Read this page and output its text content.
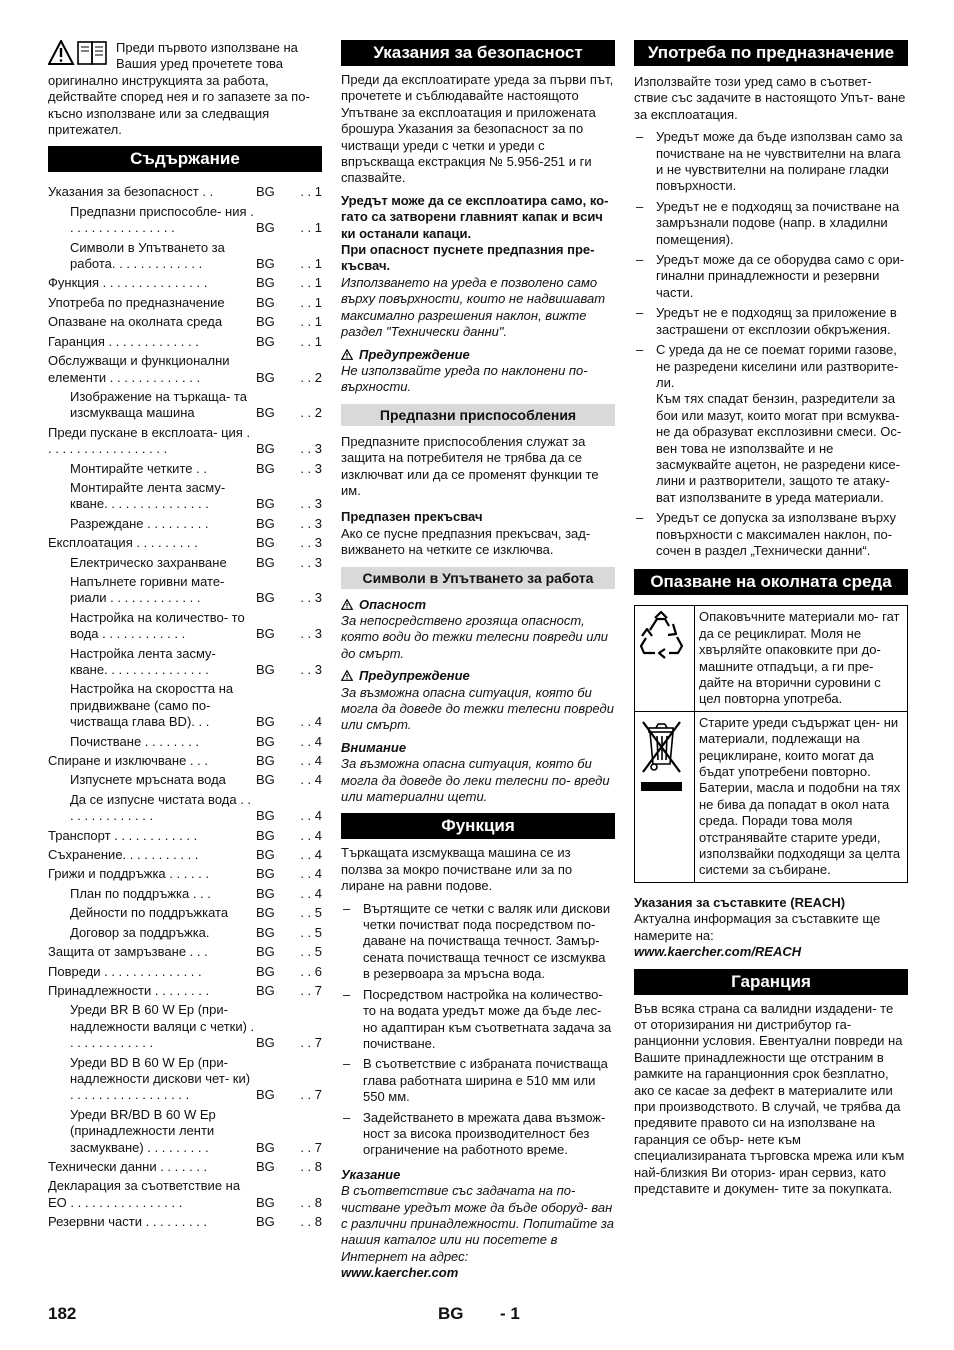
Преди първото използване на Вашия уред прочетете това оригинално инструкцията за работа, действайте според нея и го запазете за по-късно използване или за следващия притежател.
Съдържание
Указания за безопасност . .	BG	. . 1
Предпазни приспособле- ния . . . . . . . . . . . . . . . .	BG	. . 1
Символи в Упътването за работа. . . . . . . . . . . . .	BG	. . 1
Функция . . . . . . . . . . . . . . .	BG	. . 1
Употреба по предназначение	BG	. . 1
Опазване на околната среда	BG	. . 1
Гаранция . . . . . . . . . . . . .	BG	. . 1
Обслужващи и функционални елементи . . . . . . . . . . . . .	BG	. . 2
Изображение на търкаща- та изсмукваща машина	BG	. . 2
Преди пускане в експлоата- ция . . . . . . . . . . . . . . . . . .	BG	. . 3
Монтирайте четките . .	BG	. . 3
Монтирайте лента засму- кване. . . . . . . . . . . . . . .	BG	. . 3
Разреждане . . . . . . . . .	BG	. . 3
Експлоатация . . . . . . . . .	BG	. . 3
Електрическо захранване	BG	. . 3
Напълнете горивни мате- риали . . . . . . . . . . . . .	BG	. . 3
Настройка на количество- то вода . . . . . . . . . . . .	BG	. . 3
Настройка лента засму- кване. . . . . . . . . . . . . . .	BG	. . 3
Настройка на скоростта на придвижване (само по- чистваща глава BD). . .	BG	. . 4
Почистване . . . . . . . .	BG	. . 4
Спиране и изключване . . .	BG	. . 4
Изпуснете мръсната вода	BG	. . 4
Да се изпусне чистата вода . . . . . . . . . . . . . .	BG	. . 4
Транспорт . . . . . . . . . . . .	BG	. . 4
Съхранение. . . . . . . . . . .	BG	. . 4
Грижи и поддръжка . . . . . .	BG	. . 4
План по поддръжка . . .	BG	. . 4
Дейности по поддръжката	BG	. . 5
Договор за поддръжка.	BG	. . 5
Защита от замръзване . . .	BG	. . 5
Повреди . . . . . . . . . . . . . .	BG	. . 6
Принадлежности . . . . . . . .	BG	. . 7
Уреди BR B 60 W Ep (при- надлежности валяци с четки) . . . . . . . . . . . . .	BG	. . 7
Уреди BD B 60 W Ep (при- надлежности дискови чет- ки) . . . . . . . . . . . . . . . . .	BG	. . 7
Уреди BR/BD B 60 W Ep (принадлежности ленти засмукване) . . . . . . . . .	BG	. . 7
Технически данни . . . . . . .	BG	. . 8
Декларация за съответствие на ЕО . . . . . . . . . . . . . . . .	BG	. . 8
Резервни части . . . . . . . . .	BG	. . 8
Указания за безопасност

Преди да експлоатирате уреда за първи път, прочетете и съблюдавайте настоящото Упътване за експлоатация и приложената брошура Указания за безопасност за по чистващи уреди с четки и уреди с впръскваща екстракция № 5.956-251 и ги спазвайте.

Уредът може да се експлоатира само, ко- гато са затворени главният капак и всич ки останали капаци.

При опасност пуснете предпазния пре- късвач.

Използването на уреда е позволено само върху повърхности, които не надвишават максимално разрешения наклон, вижте раздел "Технически данни".

Предупреждение

Не използвайте уреда по наклонени по- върхности.

Предпазни приспособления

Предпазните приспособления служат за защита на потребителя не трябва да се изключват или да се променят функции те им.

Предпазен прекъсвач

Ако се пусне предпазния прекъсвач, зад- вижването на четките се изключва.

Символи в Упътването за работа
Опасност

За непосредствено грозяща опасност, която води до тежки телесни повреди или до смърт.

Предупреждение

За възможна опасна ситуация, която би могла да доведе до тежки телесни повреди или смърт.

Внимание

За възможна опасна ситуация, която би могла да доведе до леки телесни по- вреди или материални щети.

Функция

Търкащата изсмукваща машина се из ползва за мокро почистване или за по лиране на равни подове.

– Въртящите се четки с валяк или дискови четки почистват пода посредством по- даване на почистваща течност. Замър- сената почистваща течност се изсмуква в резервоара за мръсна вода.
– Посредством настройка на количество- то на водата уредът може да бъде лес- но адаптиран към съответната задача за почистване.
– В съответствие с избраната почистваща глава работната ширина е 510 мм или 550 мм.
– Задействането в мрежата дава възмож- ност за висока производителност без ограничение на работното време.
Указание

В съответствие със задачата на по- чистване уредът може да бъде оборуд- ван с различни принадлежности. Попитайте за нашия каталог или ни посетете в Интернет на адрес:

www.kaercher.com

Употреба по предназначение

Използвайте този уред само в съответ- ствие със задачите в настоящото Упът- ване за експлоатация.

– Уредът може да бъде използван само за почистване на не чувствителни на влага и не чувствителни на полиране гладки повърхности.
– Уредът не е подходящ за почистване на замръзнали подове (напр. в хладилни помещения).
– Уредът може да се оборудва само с ори- гинални принадлежности и резервни части.
– Уредът не е подходящ за приложение в застрашени от експлозии обкръжения.
– С уреда да не се поемат горими газове, не разредени киселини или разтворите- ли.
Към тях спадат бензин, разредители за бои или мазут, които могат при всмуква- не да образуват експлозивни смеси. Ос- вен това не използвайте и не засмуквайте ацетон, не разредени кисе- лини и разтворители, защото те атаку- ват използваните в уреда материали.
– Уредът се допуска за използване върху повърхности с максимален наклон, по- сочен в раздел „Технически данни“.
Опазване на околната среда
	Опаковъчните материали мо- гат да се рециклират. Моля не хвърляйте опаковките при до- машните отпадъци, а ги пре- дайте на вторични суровини с цел повторна употреба.
	Старите уреди съдържат цен- ни материали, подлежащи на рециклиране, които могат да бъдат употребени повторно. Батерии, масла и подобни на тях не бива да попадат в окол ната среда. Поради това моля отстранявайте старите уреди, използвайки подходящи за целта системи за събиране.

Указания за съставките (REACH)

Актуална информация за съставките ще намерите на:

www.kaercher.com/REACH

Гаранция

Във всяка страна са валидни издадени- те от оторизирания ни дистрибутор га- ранционни условия. Евентуални повреди на Вашите принадлежности ще отстраним в рамките на гаранционния срок безплатно, ако се касае за дефект в материалите или при производството. В случай, че трябва да предявите правото си на използване на гаранция се обър- нете към специализираната търговска мрежа или към най-близкия Ви оториз- иран сервиз, като представите и докумен- тите за покупката.

182	BG - 1
